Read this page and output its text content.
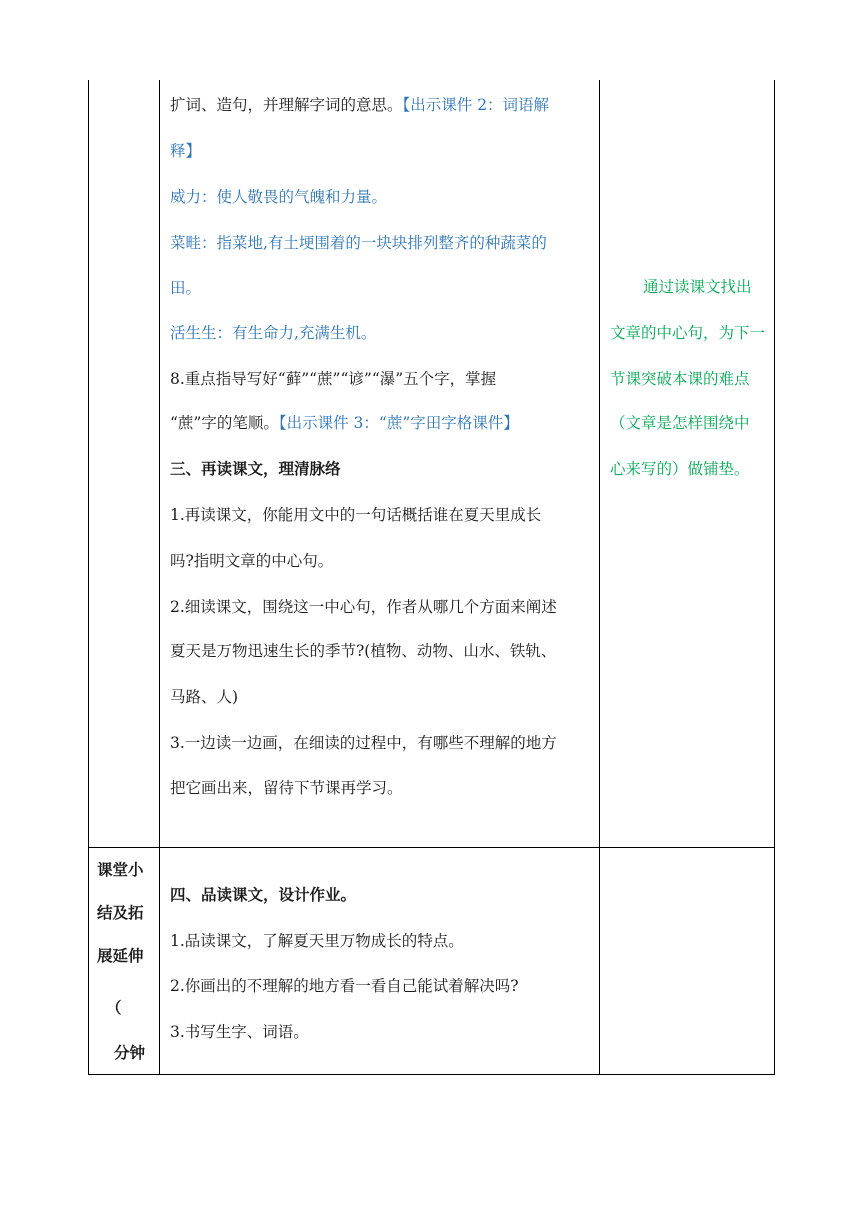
扩词、造句，并理解字词的意思。【出示课件 2：词语解
释】
威力：使人敬畏的气魄和力量。
菜畦：指菜地,有土埂围着的一块块排列整齐的种蔬菜的
田。
活生生：有生命力,充满生机。
8.重点指导写好“藓”“蔗”“谚”“瀑”五个字，掌握
“蔗”字的笔顺。【出示课件 3：“蔗”字田字格课件】
三、再读课文，理清脉络
1.再读课文，你能用文中的一句话概括谁在夏天里成长
吗?指明文章的中心句。
2.细读课文，围绕这一中心句，作者从哪几个方面来阐述
夏天是万物迅速生长的季节?(植物、动物、山水、铁轨、
马路、人)
3.一边读一边画，在细读的过程中，有哪些不理解的地方
把它画出来，留待下节课再学习。
通过读课文找出
文章的中心句，为下一
节课突破本课的难点
（文章是怎样围绕中
心来写的）做铺垫。
课堂小
结及拓
展延伸
（
分钟
四、品读课文，设计作业。
1.品读课文，了解夏天里万物成长的特点。
2.你画出的不理解的地方看一看自己能试着解决吗?
3.书写生字、词语。
